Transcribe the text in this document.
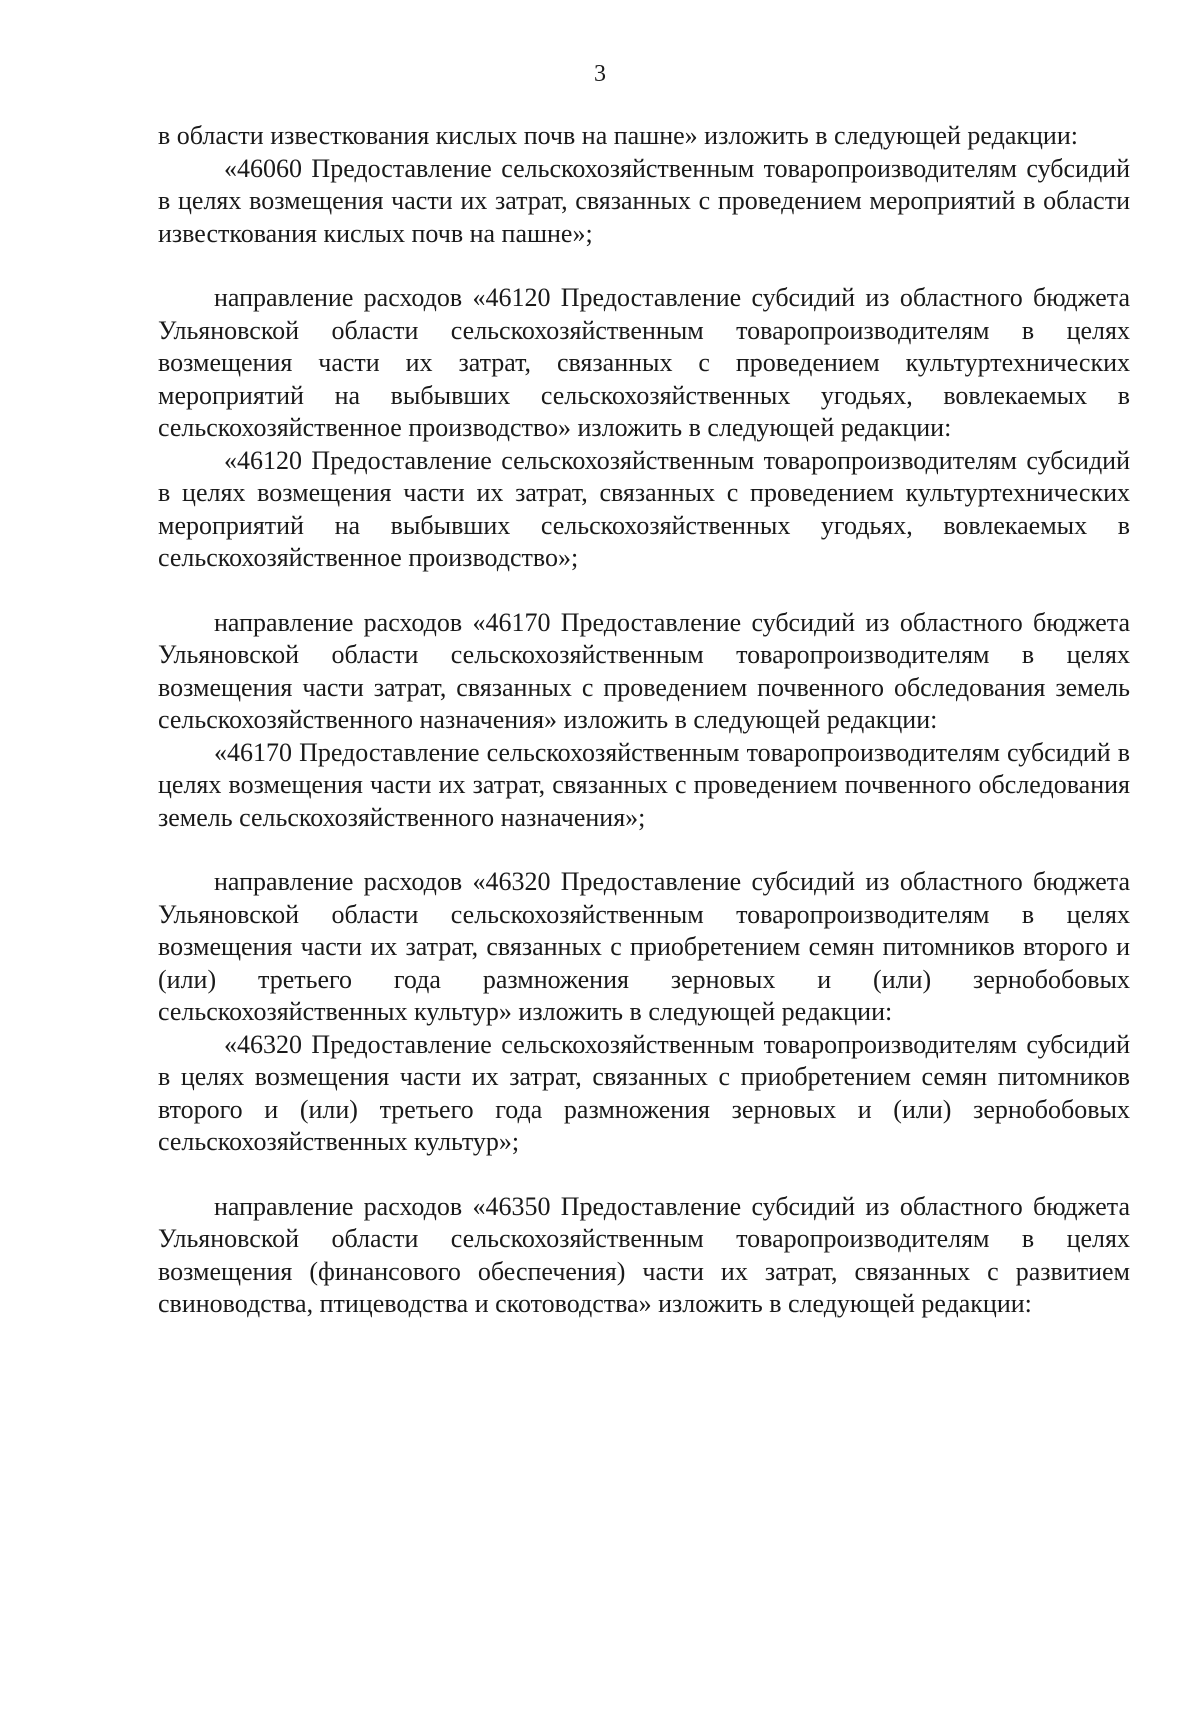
3

в области известкования кислых почв на пашне» изложить в следующей редакции:

«46060 Предоставление сельскохозяйственным товаропроизводителям субсидий в целях возмещения части их затрат, связанных с проведением мероприятий в области известкования кислых почв на пашне»;

направление расходов «46120 Предоставление субсидий из областного бюджета Ульяновской области сельскохозяйственным товаропроизводителям в целях возмещения части их затрат, связанных с проведением культуртехнических мероприятий на выбывших сельскохозяйственных угодьях, вовлекаемых в сельскохозяйственное производство» изложить в следующей редакции:

«46120 Предоставление сельскохозяйственным товаропроизводителям субсидий в целях возмещения части их затрат, связанных с проведением культуртехнических мероприятий на выбывших сельскохозяйственных угодьях, вовлекаемых в сельскохозяйственное производство»;

направление расходов «46170 Предоставление субсидий из областного бюджета Ульяновской области сельскохозяйственным товаропроизводителям в целях возмещения части затрат, связанных с проведением почвенного обследования земель сельскохозяйственного назначения» изложить в следующей редакции:

«46170 Предоставление сельскохозяйственным товаропроизводителям субсидий в целях возмещения части их затрат, связанных с проведением почвенного обследования земель сельскохозяйственного назначения»;

направление расходов «46320 Предоставление субсидий из областного бюджета Ульяновской области сельскохозяйственным товаропроизводителям в целях возмещения части их затрат, связанных с приобретением семян питомников второго и (или) третьего года размножения зерновых и (или) зернобобовых сельскохозяйственных культур» изложить в следующей редакции:

«46320 Предоставление сельскохозяйственным товаропроизводителям субсидий в целях возмещения части их затрат, связанных с приобретением семян питомников второго и (или) третьего года размножения зерновых и (или) зернобобовых сельскохозяйственных культур»;

направление расходов «46350 Предоставление субсидий из областного бюджета Ульяновской области сельскохозяйственным товаропроизводителям в целях возмещения (финансового обеспечения) части их затрат, связанных с развитием свиноводства, птицеводства и скотоводства» изложить в следующей редакции:
